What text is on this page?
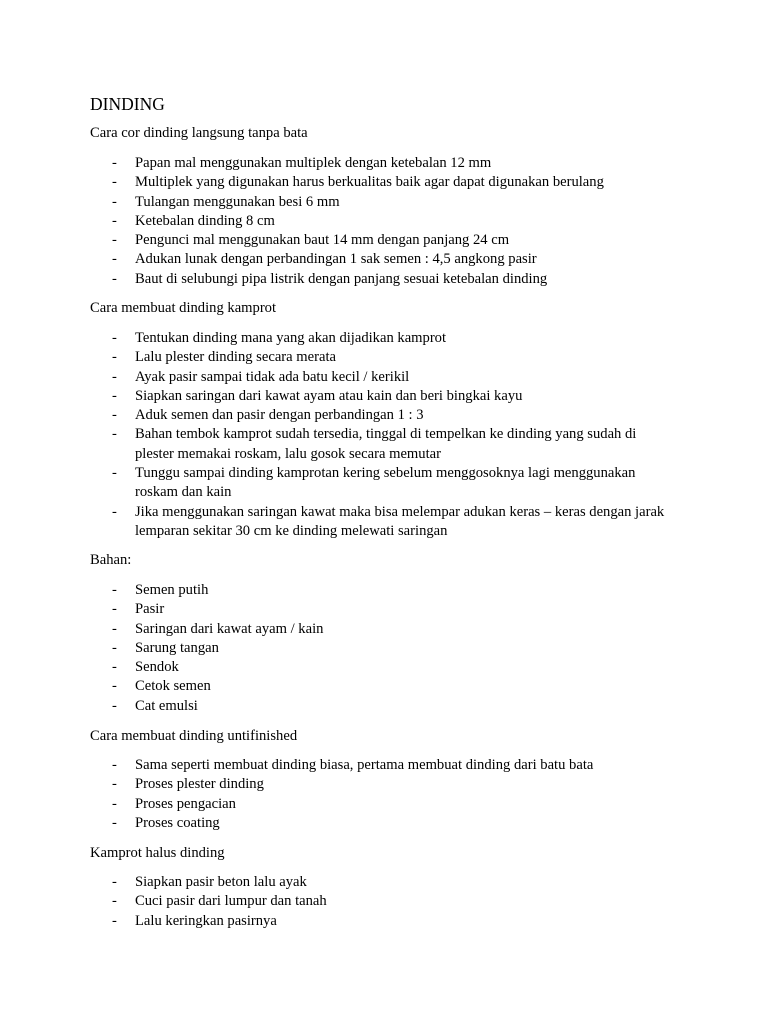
DINDING
Cara cor dinding langsung tanpa bata
- Papan mal menggunakan multiplek dengan ketebalan 12 mm
- Multiplek yang digunakan harus berkualitas baik agar dapat digunakan berulang
- Tulangan menggunakan besi 6 mm
- Ketebalan dinding 8 cm
- Pengunci mal menggunakan baut 14 mm dengan panjang 24 cm
- Adukan lunak dengan perbandingan 1 sak semen : 4,5 angkong pasir
- Baut di selubungi pipa listrik dengan panjang sesuai ketebalan dinding
Cara membuat dinding kamprot
- Tentukan dinding mana yang akan dijadikan kamprot
- Lalu plester dinding secara merata
- Ayak pasir sampai tidak ada batu kecil / kerikil
- Siapkan saringan dari kawat ayam atau kain dan beri bingkai kayu
- Aduk semen dan pasir dengan perbandingan 1 : 3
- Bahan tembok kamprot sudah tersedia, tinggal di tempelkan ke dinding yang sudah di plester memakai roskam, lalu gosok secara memutar
- Tunggu sampai dinding kamprotan kering sebelum menggosoknya lagi menggunakan roskam dan kain
- Jika menggunakan saringan kawat maka bisa melempar adukan keras – keras dengan jarak lemparan sekitar 30 cm ke dinding melewati saringan
Bahan:
- Semen putih
- Pasir
- Saringan dari kawat ayam / kain
- Sarung tangan
- Sendok
- Cetok semen
- Cat emulsi
Cara membuat dinding untifinished
- Sama seperti membuat dinding biasa, pertama membuat dinding dari batu bata
- Proses plester dinding
- Proses pengacian
- Proses coating
Kamprot halus dinding
- Siapkan pasir beton lalu ayak
- Cuci pasir dari lumpur dan tanah
- Lalu keringkan pasirnya
